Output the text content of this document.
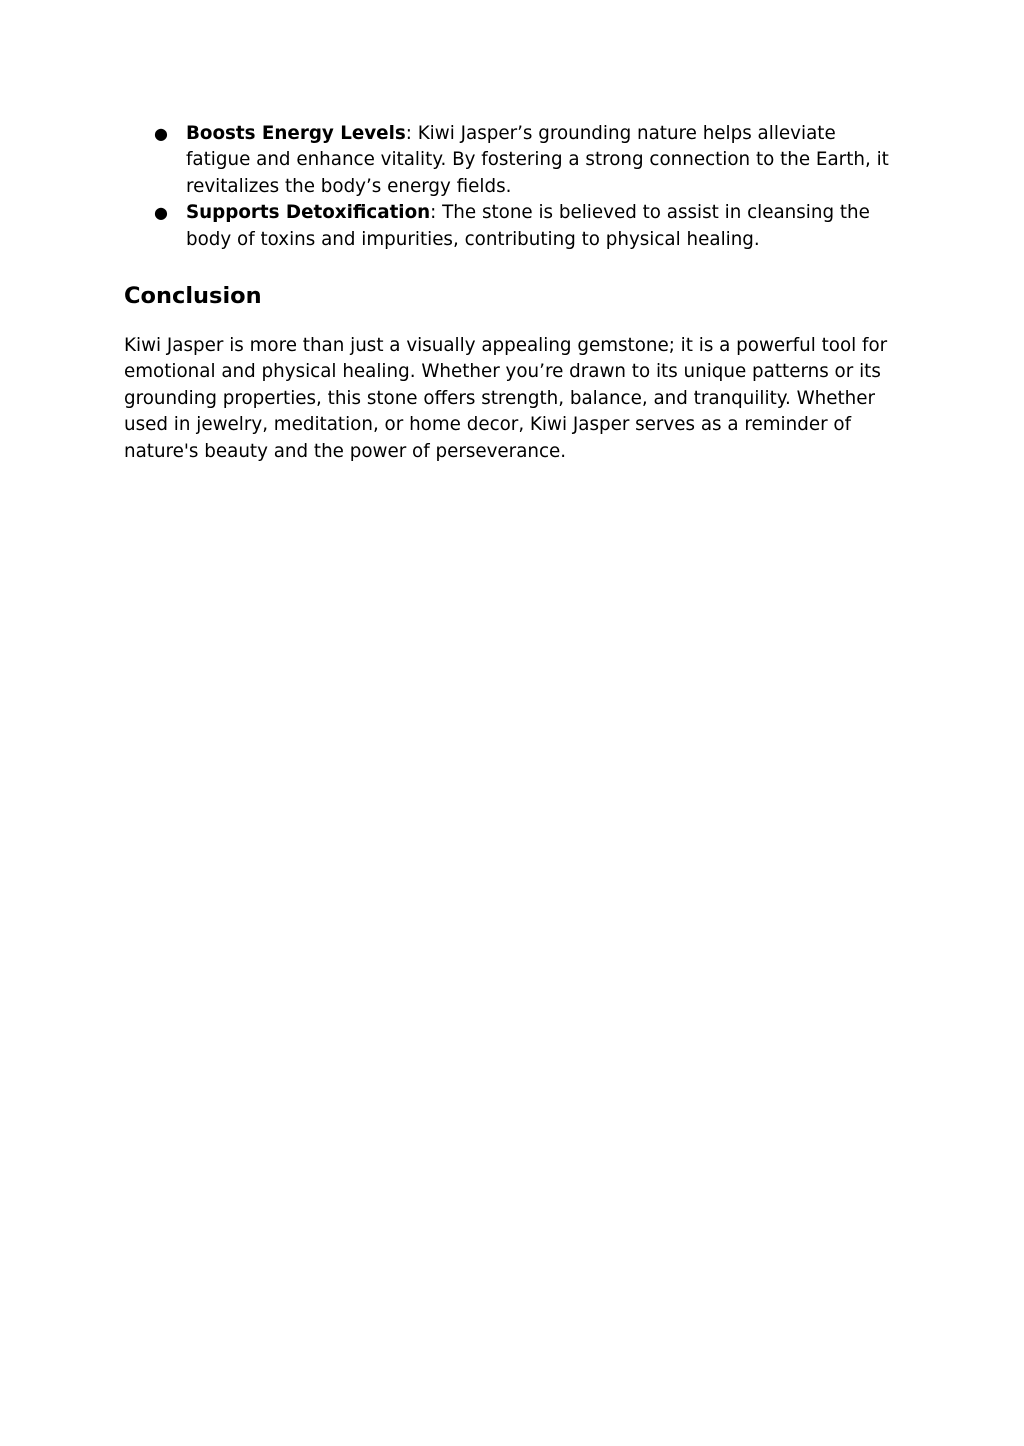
● Boosts Energy Levels: Kiwi Jasper’s grounding nature helps alleviate fatigue and enhance vitality. By fostering a strong connection to the Earth, it revitalizes the body’s energy fields.
● Supports Detoxification: The stone is believed to assist in cleansing the body of toxins and impurities, contributing to physical healing.
Conclusion

Kiwi Jasper is more than just a visually appealing gemstone; it is a powerful tool for emotional and physical healing. Whether you’re drawn to its unique patterns or its grounding properties, this stone offers strength, balance, and tranquility. Whether used in jewelry, meditation, or home decor, Kiwi Jasper serves as a reminder of nature's beauty and the power of perseverance.
